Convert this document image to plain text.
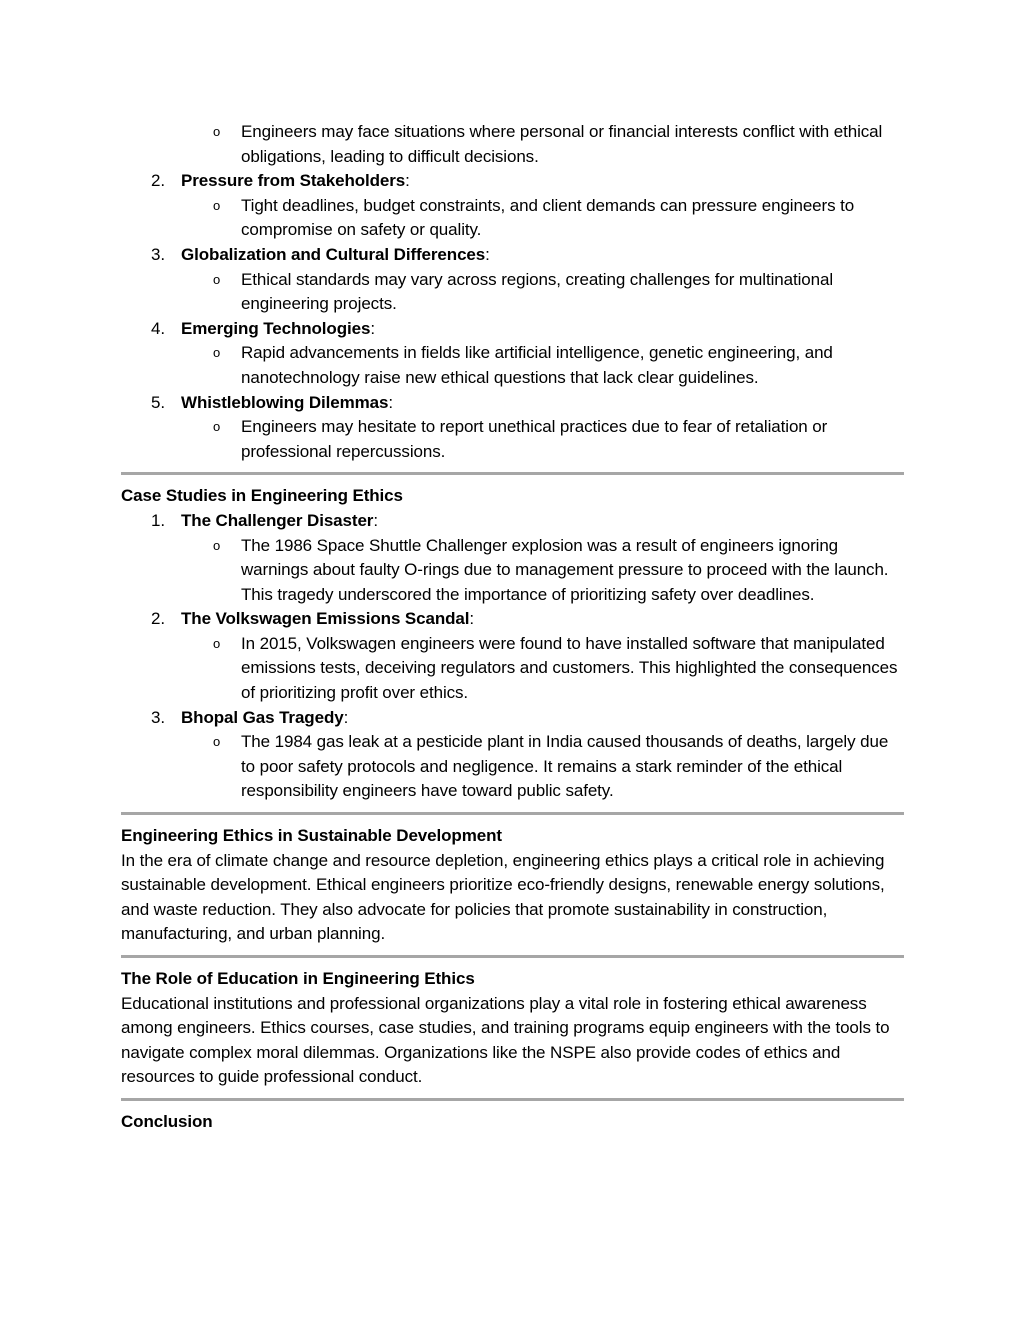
o Engineers may face situations where personal or financial interests conflict with ethical obligations, leading to difficult decisions.
2. Pressure from Stakeholders:
o Tight deadlines, budget constraints, and client demands can pressure engineers to compromise on safety or quality.
3. Globalization and Cultural Differences:
o Ethical standards may vary across regions, creating challenges for multinational engineering projects.
4. Emerging Technologies:
o Rapid advancements in fields like artificial intelligence, genetic engineering, and nanotechnology raise new ethical questions that lack clear guidelines.
5. Whistleblowing Dilemmas:
o Engineers may hesitate to report unethical practices due to fear of retaliation or professional repercussions.
Case Studies in Engineering Ethics
1. The Challenger Disaster:
o The 1986 Space Shuttle Challenger explosion was a result of engineers ignoring warnings about faulty O-rings due to management pressure to proceed with the launch. This tragedy underscored the importance of prioritizing safety over deadlines.
2. The Volkswagen Emissions Scandal:
o In 2015, Volkswagen engineers were found to have installed software that manipulated emissions tests, deceiving regulators and customers. This highlighted the consequences of prioritizing profit over ethics.
3. Bhopal Gas Tragedy:
o The 1984 gas leak at a pesticide plant in India caused thousands of deaths, largely due to poor safety protocols and negligence. It remains a stark reminder of the ethical responsibility engineers have toward public safety.
Engineering Ethics in Sustainable Development

In the era of climate change and resource depletion, engineering ethics plays a critical role in achieving sustainable development. Ethical engineers prioritize eco-friendly designs, renewable energy solutions, and waste reduction. They also advocate for policies that promote sustainability in construction, manufacturing, and urban planning.

The Role of Education in Engineering Ethics

Educational institutions and professional organizations play a vital role in fostering ethical awareness among engineers. Ethics courses, case studies, and training programs equip engineers with the tools to navigate complex moral dilemmas. Organizations like the NSPE also provide codes of ethics and resources to guide professional conduct.

Conclusion
